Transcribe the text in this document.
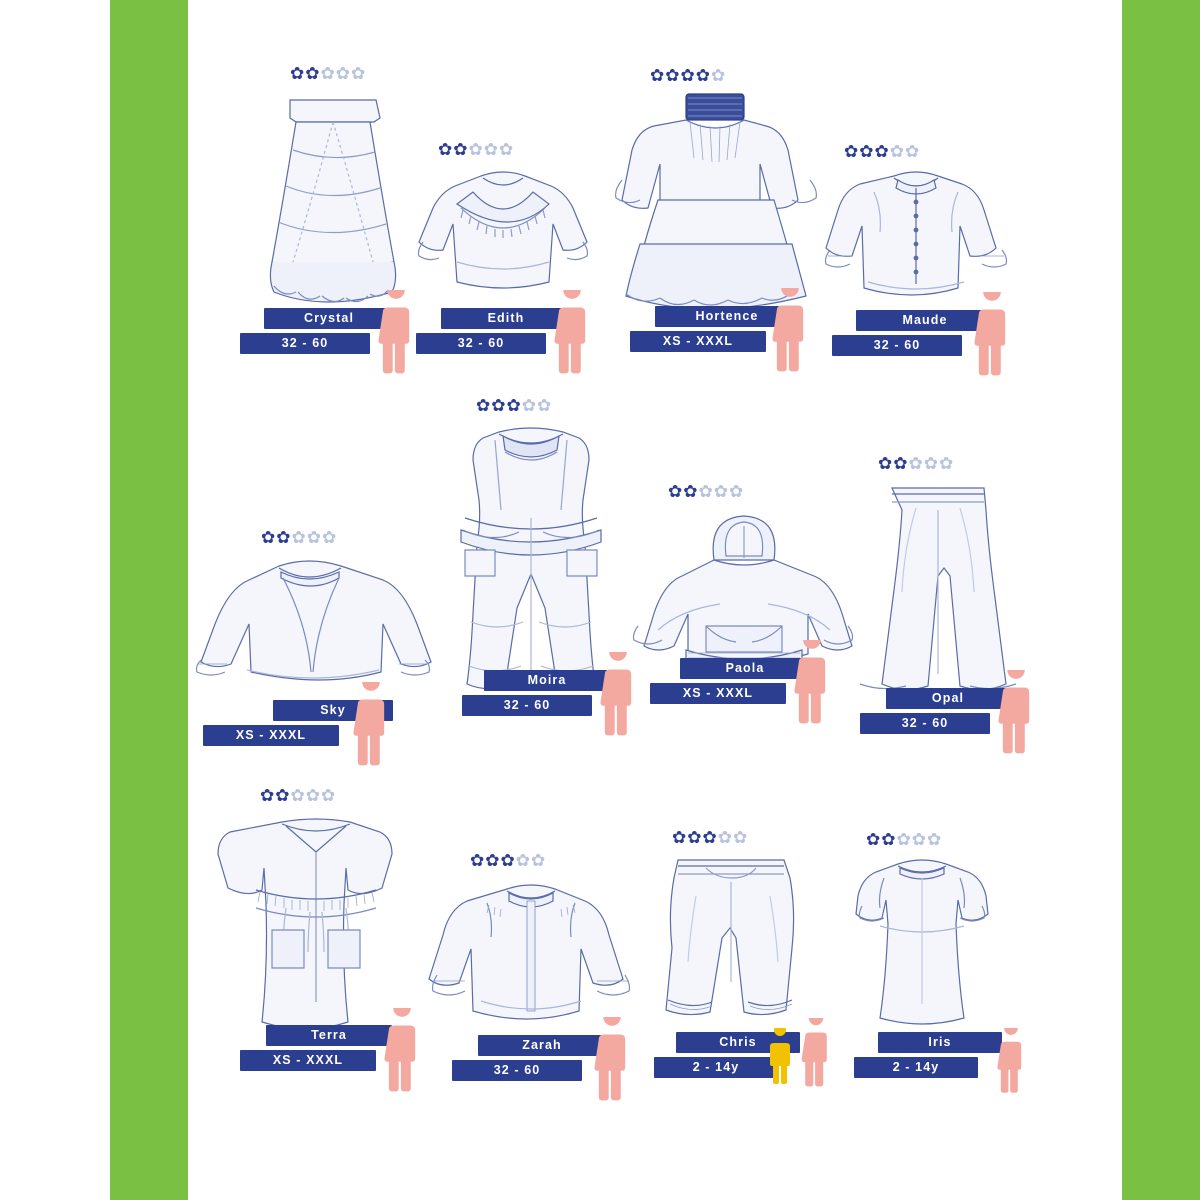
✿✿✿✿✿
Crystal
32 - 60
✿✿✿✿✿
Edith
32 - 60
✿✿✿✿✿
Hortence
XS - XXXL
✿✿✿✿✿
Maude
32 - 60
✿✿✿✿✿
Sky
XS - XXXL
✿✿✿✿✿
Moira
32 - 60
✿✿✿✿✿
Paola
XS - XXXL
✿✿✿✿✿
Opal
32 - 60
✿✿✿✿✿
Terra
XS - XXXL
✿✿✿✿✿
Zarah
32 - 60
✿✿✿✿✿
Chris
2 - 14y
✿✿✿✿✿
Iris
2 - 14y
